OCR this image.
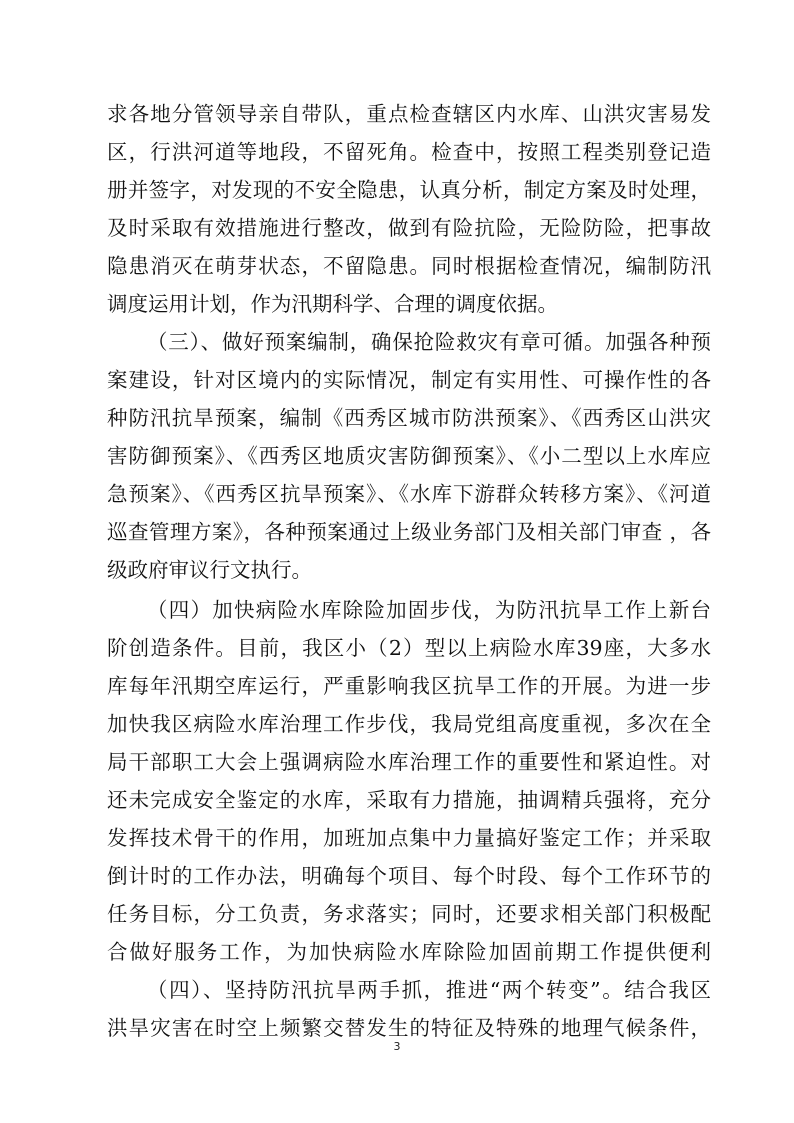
求各地分管领导亲自带队，重点检查辖区内水库、山洪灾害易发
区，行洪河道等地段，不留死角。检查中，按照工程类别登记造
册并签字，对发现的不安全隐患，认真分析，制定方案及时处理，
及时采取有效措施进行整改，做到有险抗险，无险防险，把事故
隐患消灭在萌芽状态，不留隐患。同时根据检查情况，编制防汛
调度运用计划，作为汛期科学、合理的调度依据。
（三）、做好预案编制，确保抢险救灾有章可循。加强各种预
案建设，针对区境内的实际情况，制定有实用性、可操作性的各
种防汛抗旱预案，编制《西秀区城市防洪预案》、《西秀区山洪灾
害防御预案》、《西秀区地质灾害防御预案》、《小二型以上水库应
急预案》、《西秀区抗旱预案》、《水库下游群众转移方案》、《河道
巡查管理方案》，各种预案通过上级业务部门及相关部门审查 ，各
级政府审议行文执行。
（四）加快病险水库除险加固步伐，为防汛抗旱工作上新台
阶创造条件。目前，我区小（2）型以上病险水库39座，大多水
库每年汛期空库运行，严重影响我区抗旱工作的开展。为进一步
加快我区病险水库治理工作步伐，我局党组高度重视，多次在全
局干部职工大会上强调病险水库治理工作的重要性和紧迫性。对
还未完成安全鉴定的水库，采取有力措施，抽调精兵强将，充分
发挥技术骨干的作用，加班加点集中力量搞好鉴定工作；并采取
倒计时的工作办法，明确每个项目、每个时段、每个工作环节的
任务目标，分工负责，务求落实；同时，还要求相关部门积极配
合做好服务工作，为加快病险水库除险加固前期工作提供便利
（四）、坚持防汛抗旱两手抓，推进“两个转变”。结合我区
洪旱灾害在时空上频繁交替发生的特征及特殊的地理气候条件，
3
